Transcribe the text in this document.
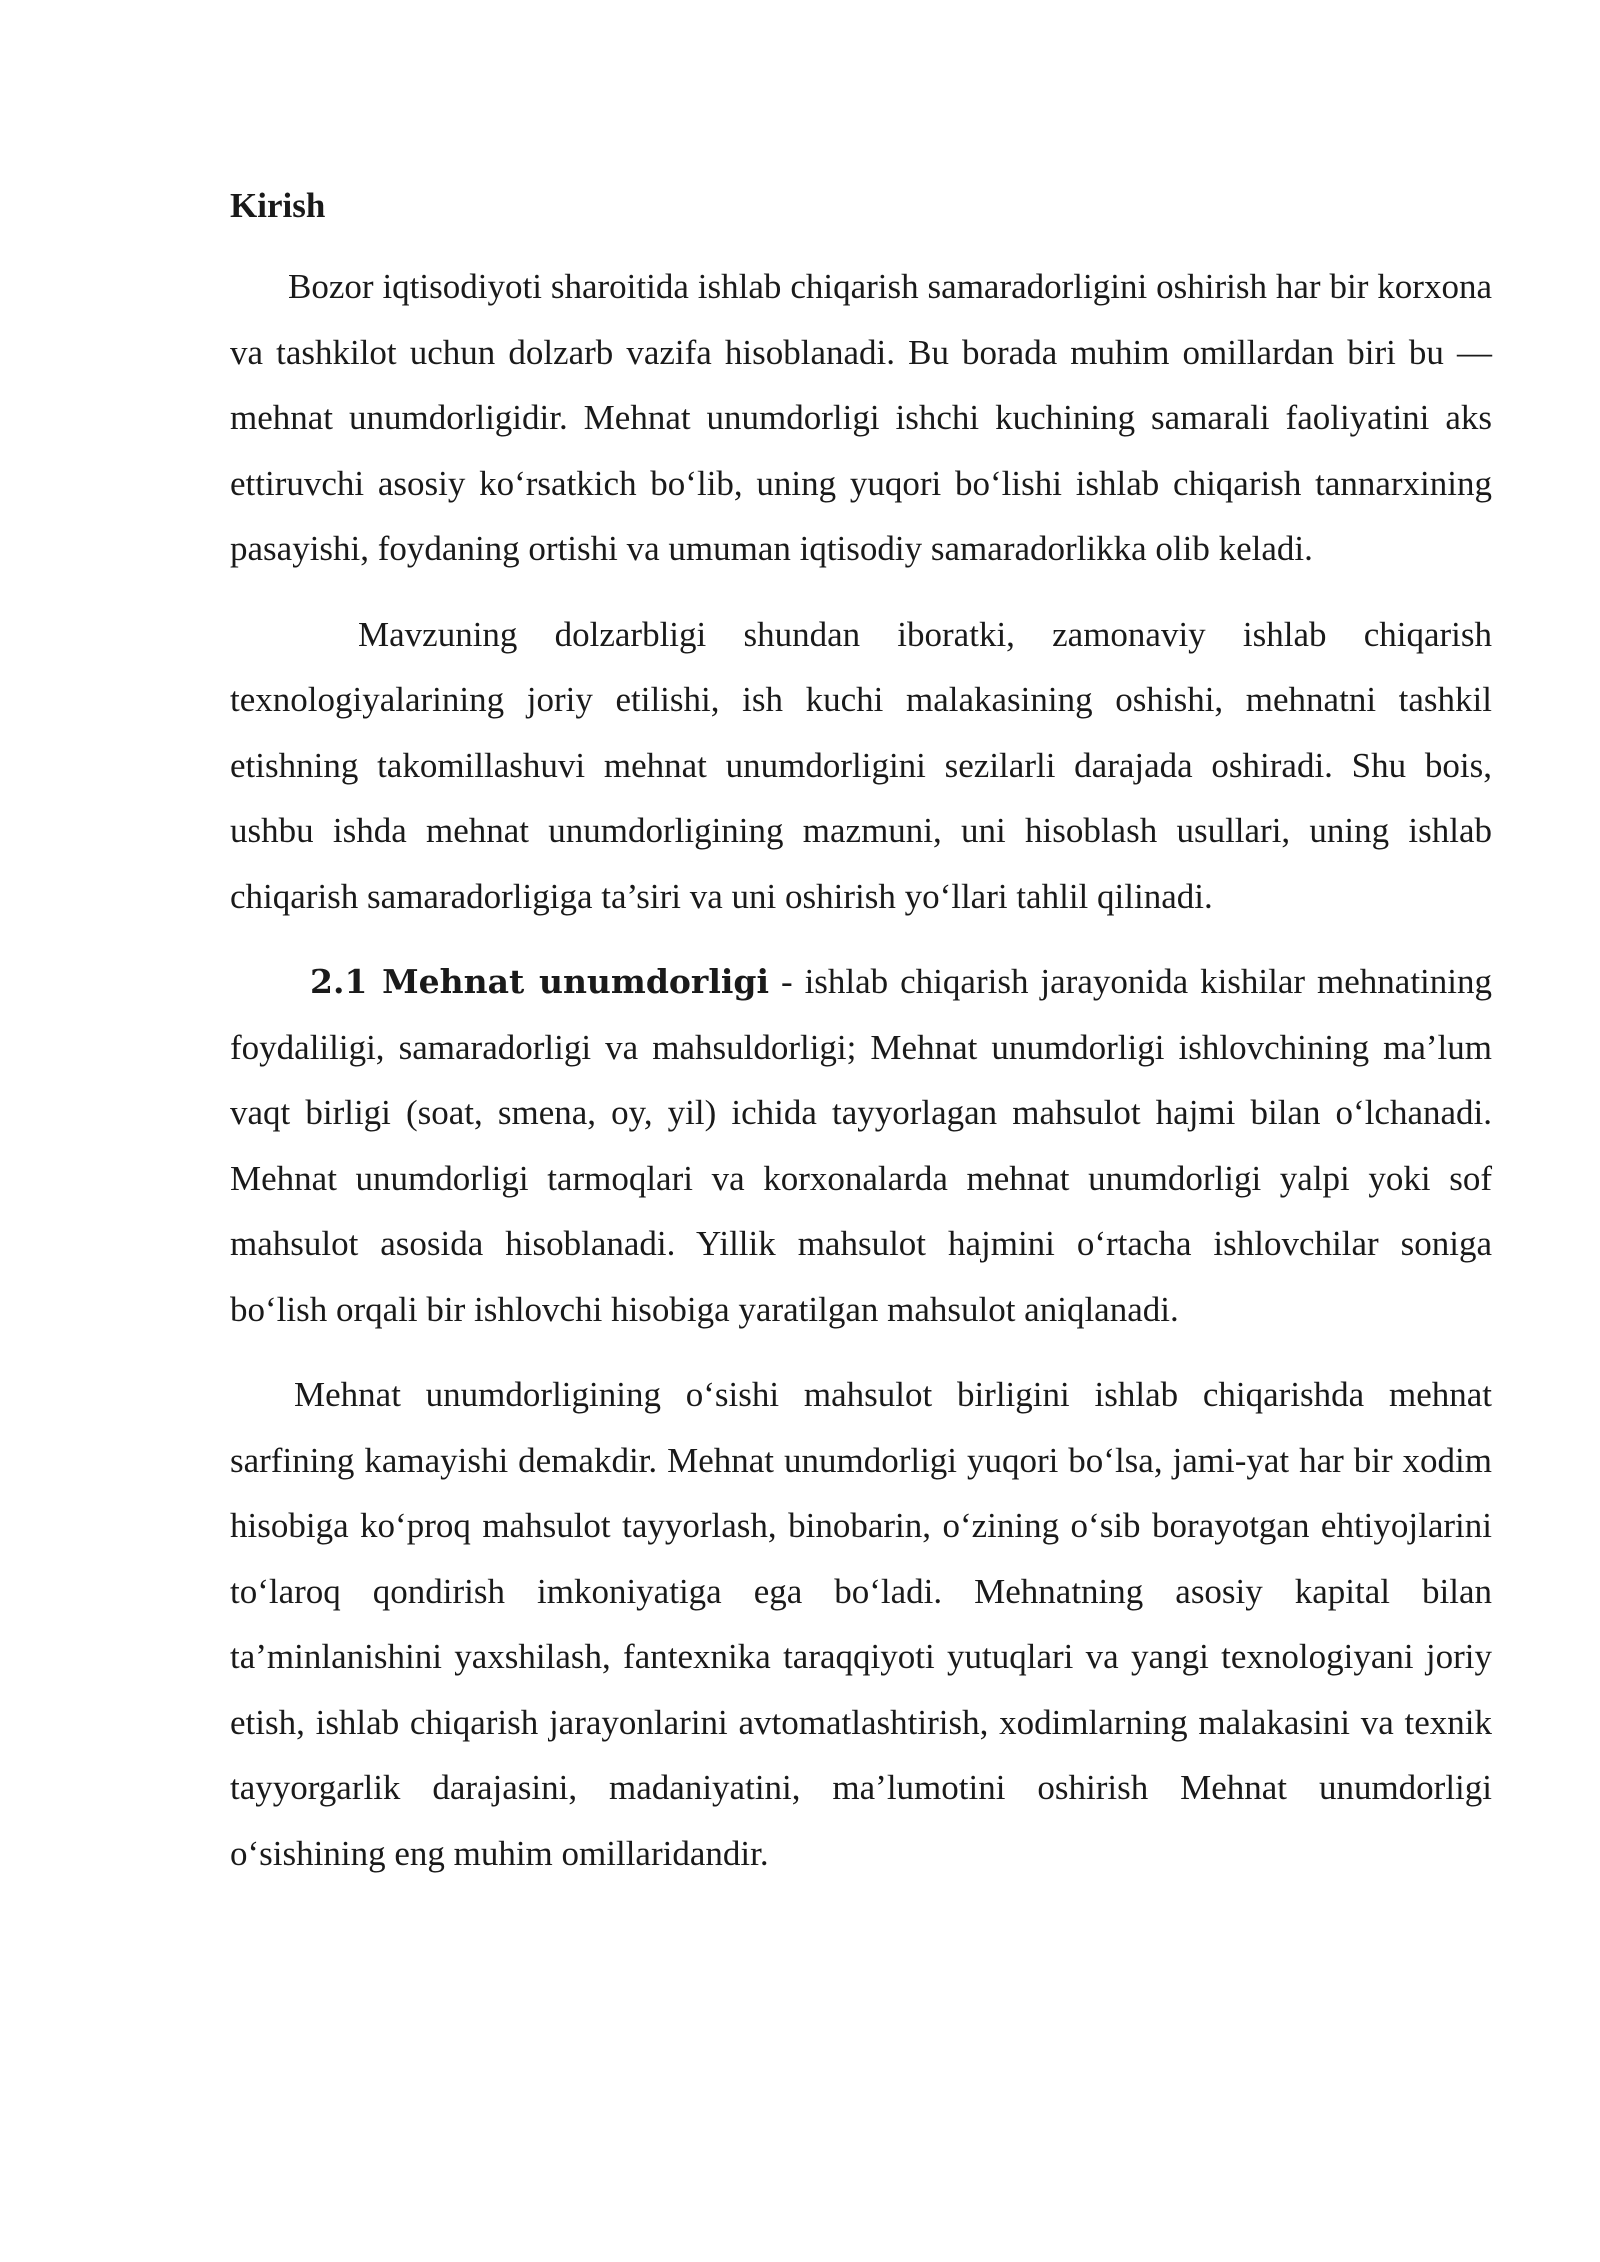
Kirish

Bozor iqtisodiyoti sharoitida ishlab chiqarish samaradorligini oshirish har bir korxona va tashkilot uchun dolzarb vazifa hisoblanadi. Bu borada muhim omillardan biri bu — mehnat unumdorligidir. Mehnat unumdorligi ishchi kuchining samarali faoliyatini aks ettiruvchi asosiy ko‘rsatkich bo‘lib, uning yuqori bo‘lishi ishlab chiqarish tannarxining pasayishi, foydaning ortishi va umuman iqtisodiy samaradorlikka olib keladi.

Mavzuning dolzarbligi shundan iboratki, zamonaviy ishlab chiqarish texnologiyalarining joriy etilishi, ish kuchi malakasining oshishi, mehnatni tashkil etishning takomillashuvi mehnat unumdorligini sezilarli darajada oshiradi. Shu bois, ushbu ishda mehnat unumdorligining mazmuni, uni hisoblash usullari, uning ishlab chiqarish samaradorligiga ta’siri va uni oshirish yo‘llari tahlil qilinadi.

2.1 Mehnat unumdorligi - ishlab chiqarish jarayonida kishilar mehnatining foydaliligi, samaradorligi va mahsuldorligi; Mehnat unumdorligi ishlovchining ma’lum vaqt birligi (soat, smena, oy, yil) ichida tayyorlagan mahsulot hajmi bilan o‘lchanadi. Mehnat unumdorligi tarmoqlari va korxonalarda mehnat unumdorligi yalpi yoki sof mahsulot asosida hisoblanadi. Yillik mahsulot hajmini o‘rtacha ishlovchilar soniga bo‘lish orqali bir ishlovchi hisobiga yaratilgan mahsulot aniqlanadi.

Mehnat unumdorligining o‘sishi mahsulot birligini ishlab chiqarishda mehnat sarfining kamayishi demakdir. Mehnat unumdorligi yuqori bo‘lsa, jami-yat har bir xodim hisobiga ko‘proq mahsulot tayyorlash, binobarin, o‘zining o‘sib borayotgan ehtiyojlarini to‘laroq qondirish imkoniyatiga ega bo‘ladi. Mehnatning asosiy kapital bilan ta’minlanishini yaxshilash, fantexnika taraqqiyoti yutuqlari va yangi texnologiyani joriy etish, ishlab chiqarish jarayonlarini avtomatlashtirish, xodimlarning malakasini va texnik tayyorgarlik darajasini, madaniyatini, ma’lumotini oshirish Mehnat unumdorligi o‘sishining eng muhim omillaridandir.
